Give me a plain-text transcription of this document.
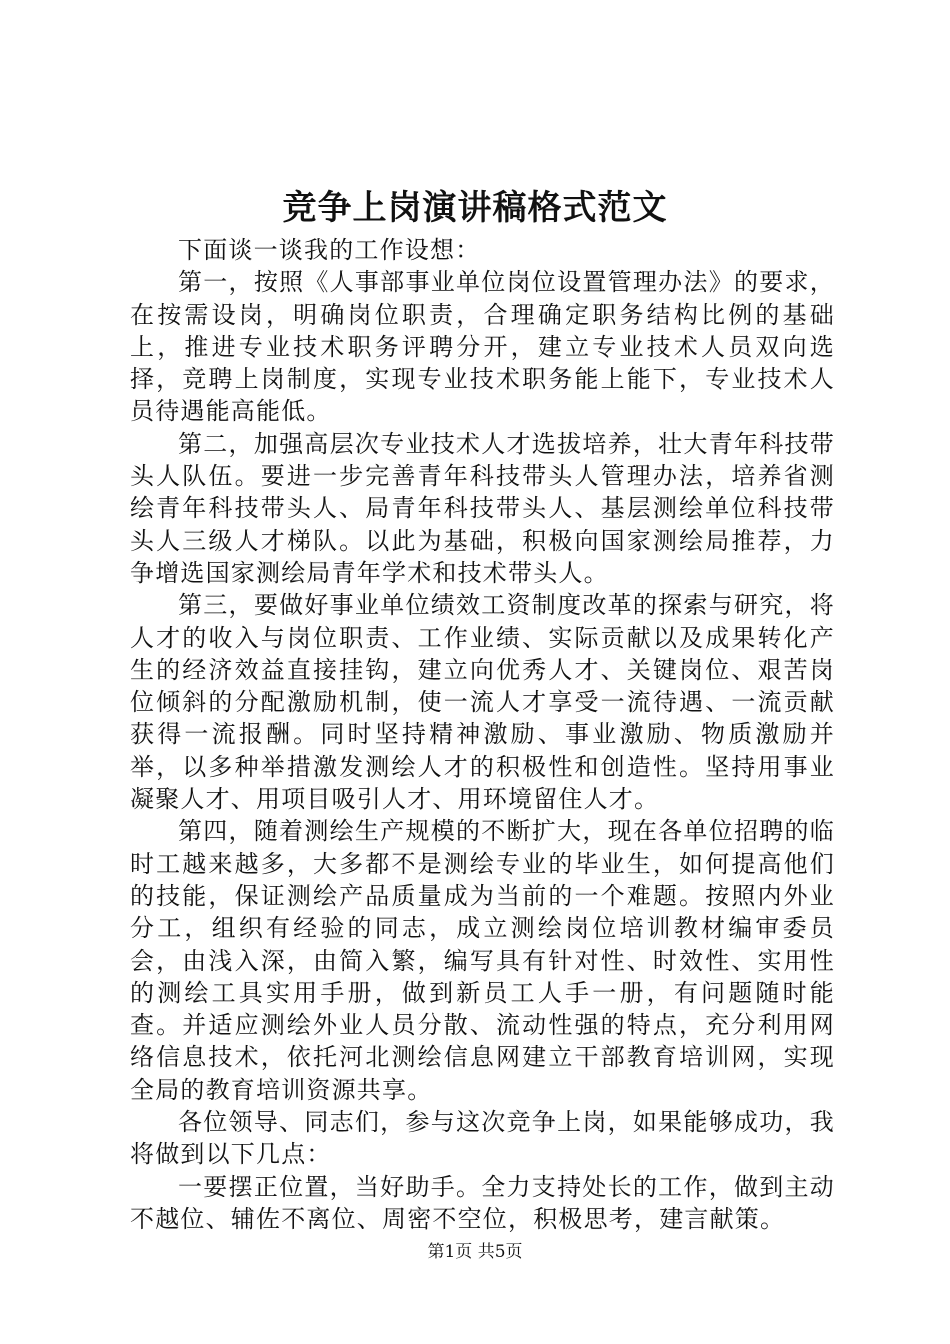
竞争上岗演讲稿格式范文

下面谈一谈我的工作设想：

第一，按照《人事部事业单位岗位设置管理办法》的要求，在按需设岗，明确岗位职责，合理确定职务结构比例的基础上，推进专业技术职务评聘分开，建立专业技术人员双向选择，竞聘上岗制度，实现专业技术职务能上能下，专业技术人员待遇能高能低。

第二，加强高层次专业技术人才选拔培养，壮大青年科技带头人队伍。要进一步完善青年科技带头人管理办法，培养省测绘青年科技带头人、局青年科技带头人、基层测绘单位科技带头人三级人才梯队。以此为基础，积极向国家测绘局推荐，力争增选国家测绘局青年学术和技术带头人。

第三，要做好事业单位绩效工资制度改革的探索与研究，将人才的收入与岗位职责、工作业绩、实际贡献以及成果转化产生的经济效益直接挂钩，建立向优秀人才、关键岗位、艰苦岗位倾斜的分配激励机制，使一流人才享受一流待遇、一流贡献获得一流报酬。同时坚持精神激励、事业激励、物质激励并举，以多种举措激发测绘人才的积极性和创造性。坚持用事业凝聚人才、用项目吸引人才、用环境留住人才。

第四，随着测绘生产规模的不断扩大，现在各单位招聘的临时工越来越多，大多都不是测绘专业的毕业生，如何提高他们的技能，保证测绘产品质量成为当前的一个难题。按照内外业分工，组织有经验的同志，成立测绘岗位培训教材编审委员会，由浅入深，由简入繁，编写具有针对性、时效性、实用性的测绘工具实用手册，做到新员工人手一册，有问题随时能查。并适应测绘外业人员分散、流动性强的特点，充分利用网络信息技术，依托河北测绘信息网建立干部教育培训网，实现全局的教育培训资源共享。

各位领导、同志们，参与这次竞争上岗，如果能够成功，我将做到以下几点：

一要摆正位置，当好助手。全力支持处长的工作，做到主动不越位、辅佐不离位、周密不空位，积极思考，建言献策。

第1页 共5页
